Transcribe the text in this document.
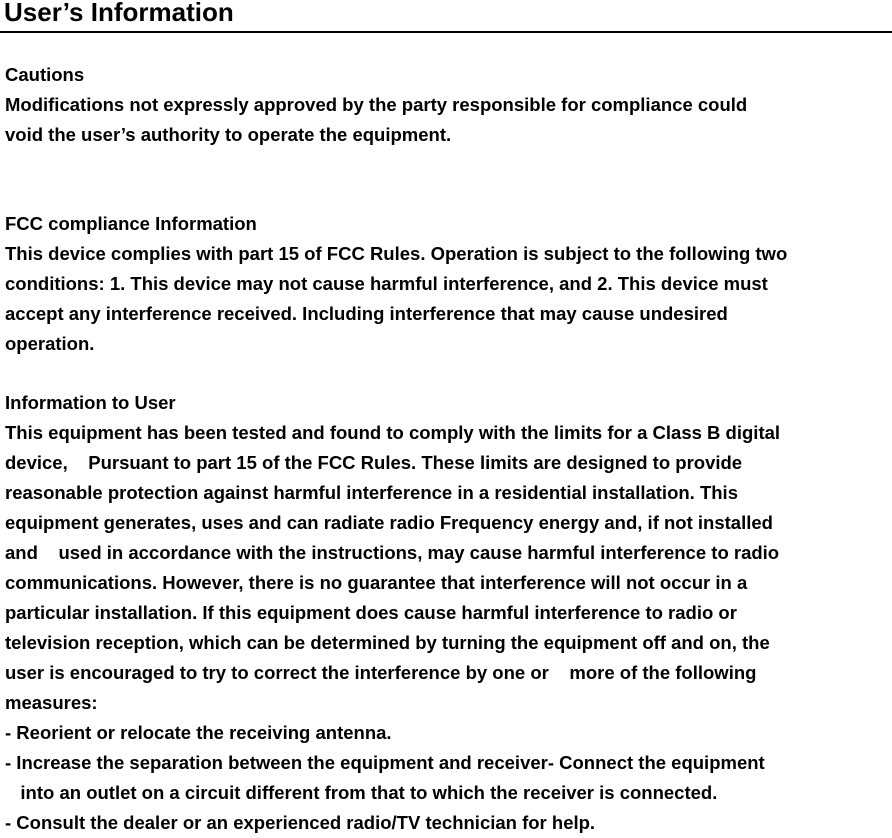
User’s Information
Cautions
Modifications not expressly approved by the party responsible for compliance could
void the user’s authority to operate the equipment.
FCC compliance Information
This device complies with part 15 of FCC Rules. Operation is subject to the following two
conditions: 1. This device may not cause harmful interference, and 2. This device must
accept any interference received. Including interference that may cause undesired
operation.
Information to User
This equipment has been tested and found to comply with the limits for a Class B digital
device,    Pursuant to part 15 of the FCC Rules. These limits are designed to provide
reasonable protection against harmful interference in a residential installation. This
equipment generates, uses and can radiate radio Frequency energy and, if not installed
and    used in accordance with the instructions, may cause harmful interference to radio
communications. However, there is no guarantee that interference will not occur in a
particular installation. If this equipment does cause harmful interference to radio or
television reception, which can be determined by turning the equipment off and on, the
user is encouraged to try to correct the interference by one or    more of the following
measures:
- Reorient or relocate the receiving antenna.
- Increase the separation between the equipment and receiver- Connect the equipment
into an outlet on a circuit different from that to which the receiver is connected.
- Consult the dealer or an experienced radio/TV technician for help.
